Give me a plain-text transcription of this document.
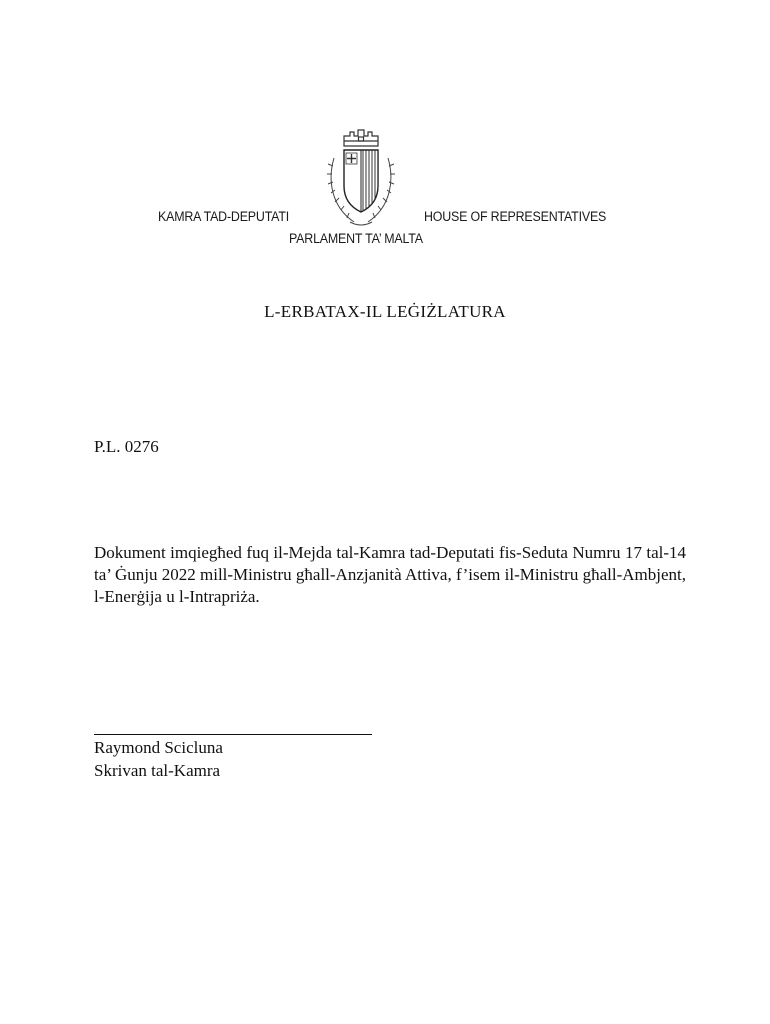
KAMRA TAD-DEPUTATI	HOUSE OF REPRESENTATIVES
PARLAMENT TA’ MALTA
L-ERBATAX-IL LEĠIŻLATURA
P.L. 0276
Dokument imqiegħed fuq il-Mejda tal-Kamra tad-Deputati fis-Seduta Numru 17 tal-14 ta’ Ġunju 2022 mill-Ministru għall-Anzjanità Attiva, f’isem il-Ministru għall-Ambjent, l-Enerġija u l-Intrapriża.
Raymond Scicluna
Skrivan tal-Kamra
